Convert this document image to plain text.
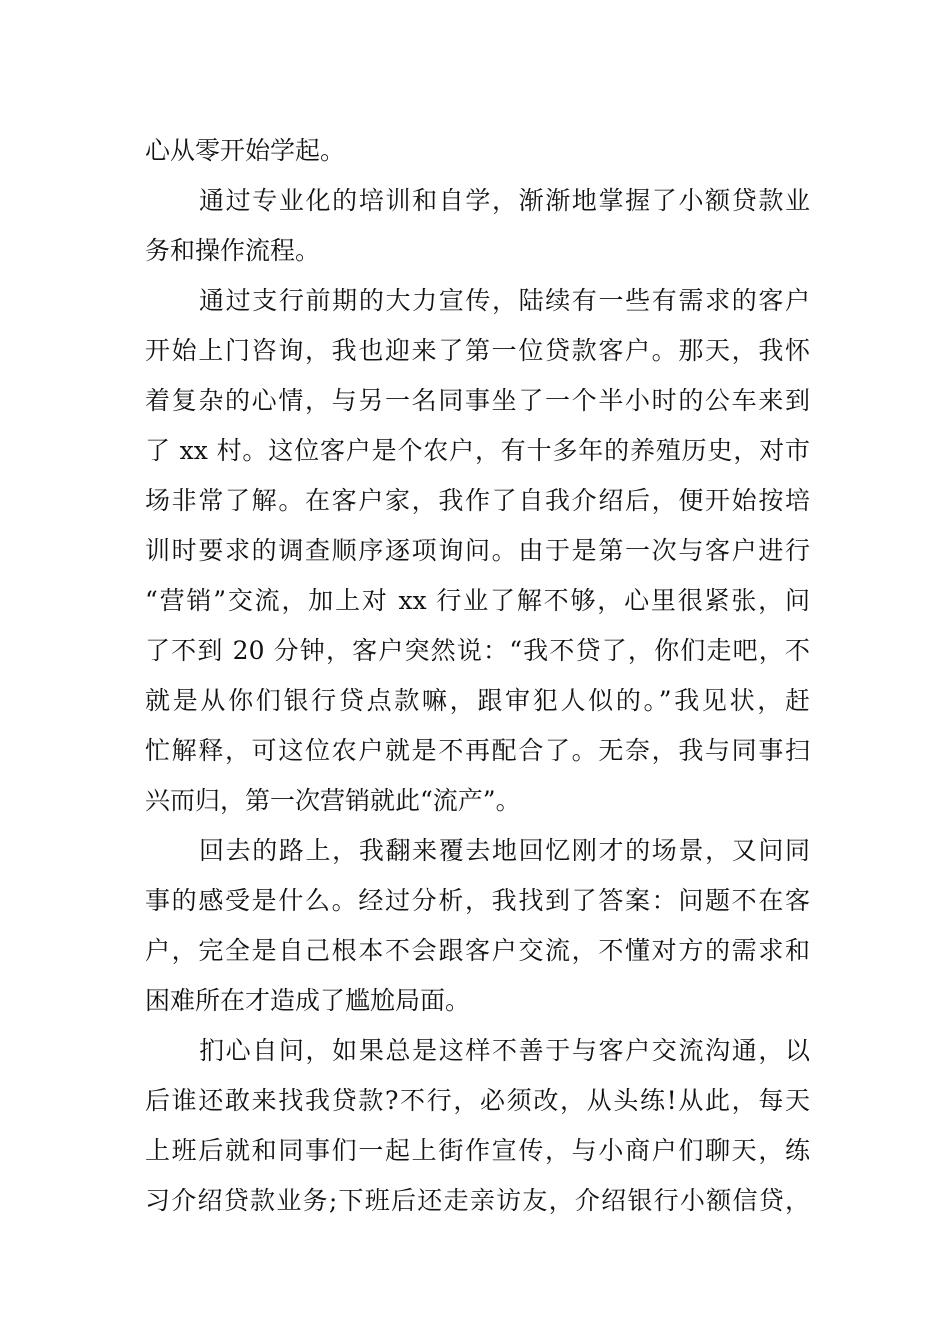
心从零开始学起。

通过专业化的培训和自学，渐渐地掌握了小额贷款业

务和操作流程。

通过支行前期的大力宣传，陆续有一些有需求的客户

开始上门咨询，我也迎来了第一位贷款客户。那天，我怀

着复杂的心情，与另一名同事坐了一个半小时的公车来到

了 xx 村。这位客户是个农户，有十多年的养殖历史，对市

场非常了解。在客户家，我作了自我介绍后，便开始按培

训时要求的调查顺序逐项询问。由于是第一次与客户进行

“营销”交流，加上对 xx 行业了解不够，心里很紧张，问

了不到 20 分钟，客户突然说：“我不贷了，你们走吧，不

就是从你们银行贷点款嘛，跟审犯人似的。”我见状，赶

忙解释，可这位农户就是不再配合了。无奈，我与同事扫

兴而归，第一次营销就此“流产”。

回去的路上，我翻来覆去地回忆刚才的场景，又问同

事的感受是什么。经过分析，我找到了答案：问题不在客

户，完全是自己根本不会跟客户交流，不懂对方的需求和

困难所在才造成了尴尬局面。

扪心自问，如果总是这样不善于与客户交流沟通，以

后谁还敢来找我贷款?不行，必须改，从头练!从此，每天

上班后就和同事们一起上街作宣传，与小商户们聊天，练

习介绍贷款业务;下班后还走亲访友，介绍银行小额信贷，
